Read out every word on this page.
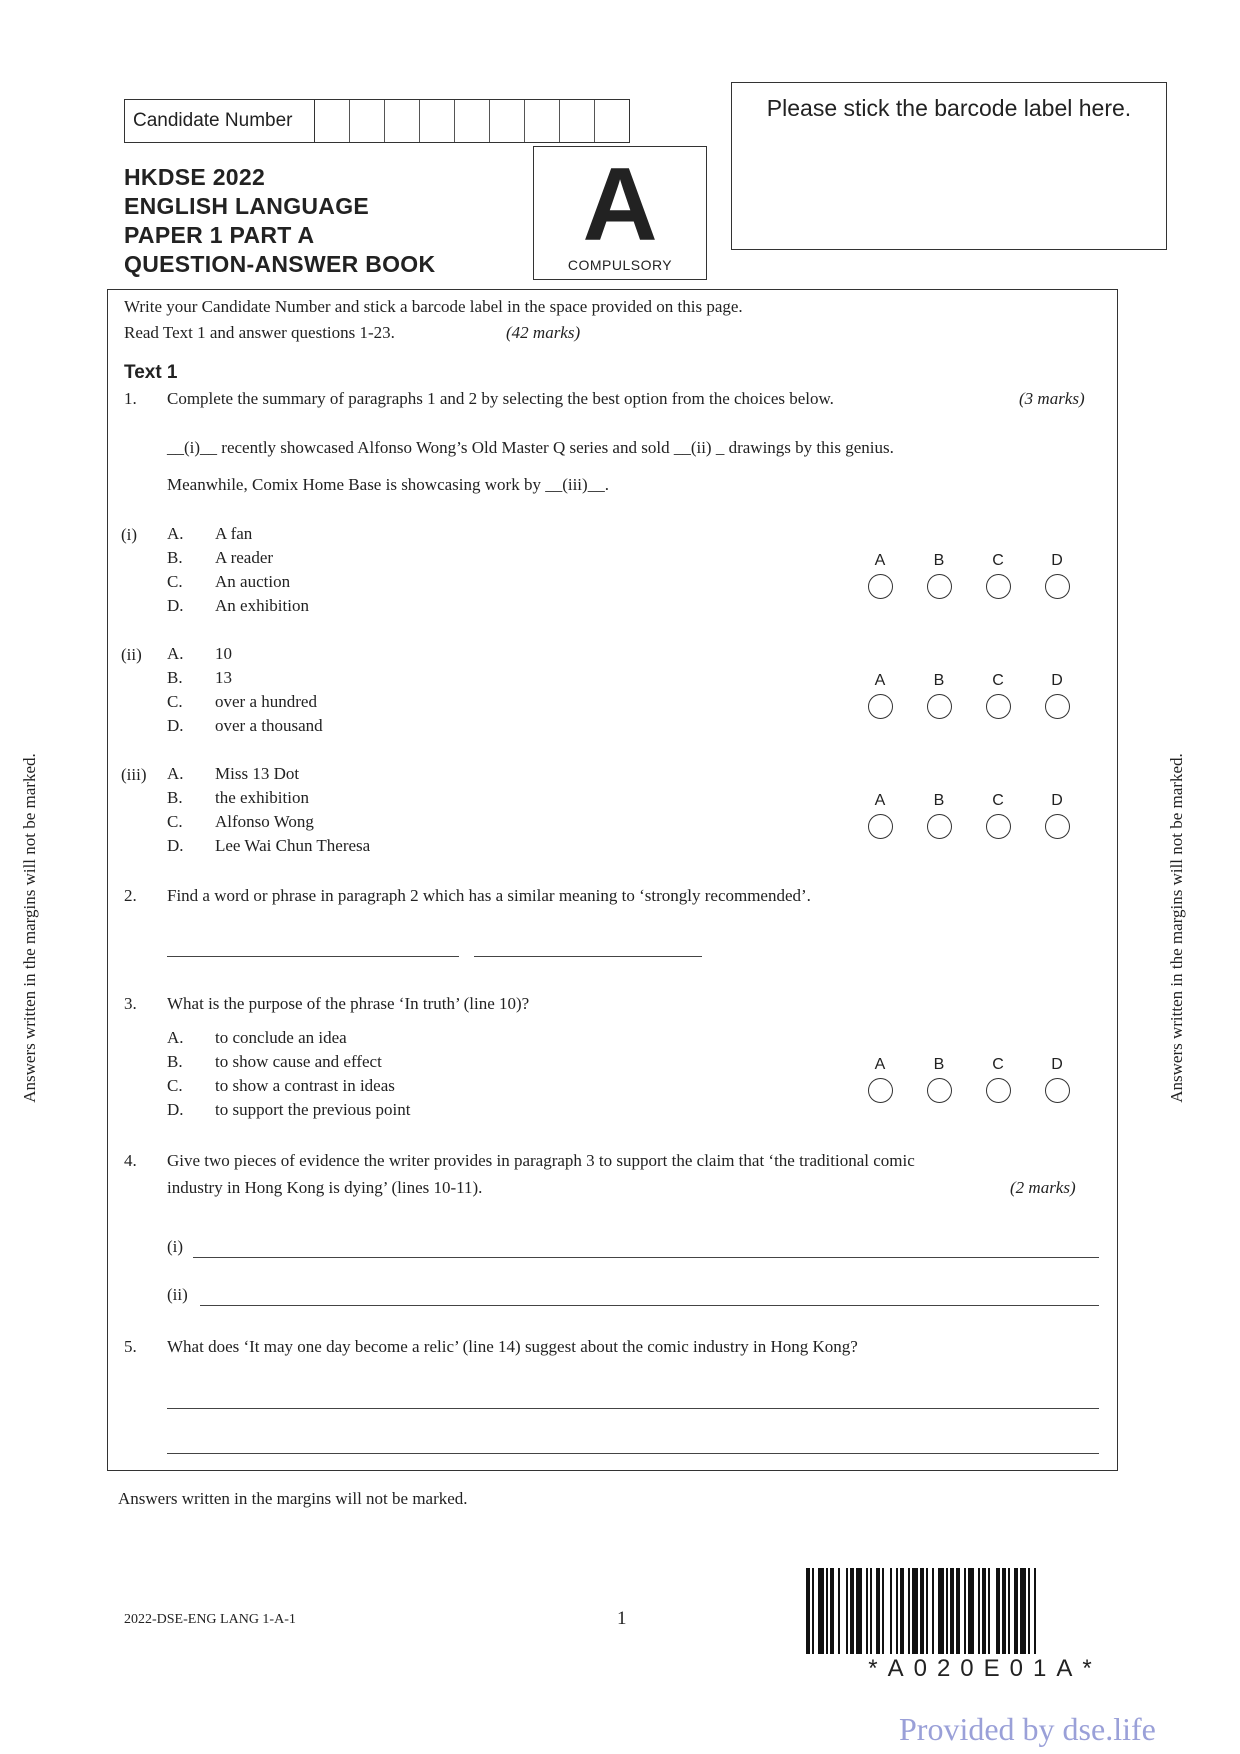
Candidate Number
HKDSE 2022
ENGLISH LANGUAGE
PAPER 1 PART A
QUESTION-ANSWER BOOK
A
COMPULSORY
Please stick the barcode label here.
Answers written in the margins will not be marked.	Answers written in the margins will not be marked.
Write your Candidate Number and stick a barcode label in the space provided on this page.
Read Text 1 and answer questions 1-23.	(42 marks)
Text 1
1. Complete the summary of paragraphs 1 and 2 by selecting the best option from the choices below.	(3 marks)
__(i)__ recently showcased Alfonso Wong’s Old Master Q series and sold __(ii) _ drawings by this genius.
Meanwhile, Comix Home Base is showcasing work by __(iii)__.
(i) A.	A fan
B.	A reader
C.	An auction
D.	An exhibition
A	B	C	D
(ii) A.	10
B.	13
C.	over a hundred
D.	over a thousand
A	B	C	D
(iii) A.	Miss 13 Dot
B.	the exhibition
C.	Alfonso Wong
D.	Lee Wai Chun Theresa
A	B	C	D
2. Find a word or phrase in paragraph 2 which has a similar meaning to ‘strongly recommended’.
3. What is the purpose of the phrase ‘In truth’ (line 10)?
A.	to conclude an idea
B.	to show cause and effect
C.	to show a contrast in ideas
D.	to support the previous point
A	B	C	D
4. Give two pieces of evidence the writer provides in paragraph 3 to support the claim that ‘the traditional comic
industry in Hong Kong is dying’ (lines 10-11).	(2 marks)
(i)
(ii)
5. What does ‘It may one day become a relic’ (line 14) suggest about the comic industry in Hong Kong?
Answers written in the margins will not be marked.
2022-DSE-ENG LANG 1-A-1	1
*A020E01A*
Provided by dse.life
